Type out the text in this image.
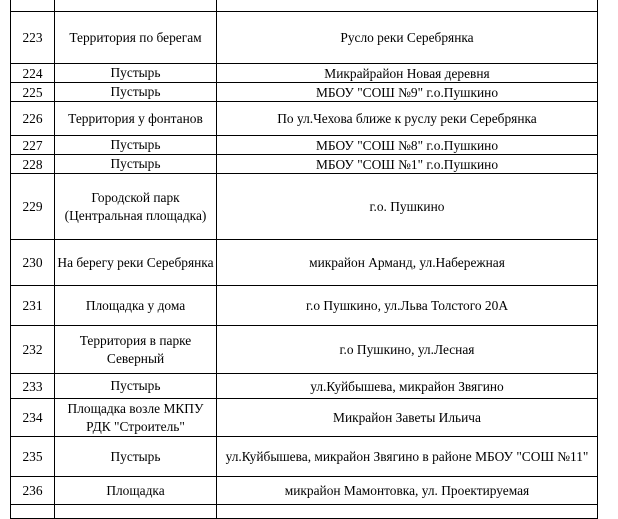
223	Территория по берегам	Русло реки Серебрянка
224	Пустырь	Микрайрайон Новая деревня
225	Пустырь	МБОУ "СОШ №9" г.о.Пушкино
226	Территория у фонтанов	По ул.Чехова ближе к руслу реки Серебрянка
227	Пустырь	МБОУ "СОШ №8" г.о.Пушкино
228	Пустырь	МБОУ "СОШ №1" г.о.Пушкино
229	Городской парк (Центральная площадка)	г.о. Пушкино
230	На берегу реки Серебрянка	микрайон Арманд, ул.Набережная
231	Площадка у дома	г.о Пушкино, ул.Льва Толстого 20А
232	Территория в парке Северный	г.о Пушкино, ул.Лесная
233	Пустырь	ул.Куйбышева, микрайон Звягино
234	Площадка возле МКПУ РДК "Строитель"	Микрайон Заветы Ильича
235	Пустырь	ул.Куйбышева, микрайон Звягино в районе МБОУ "СОШ №11"
236	Площадка	микрайон Мамонтовка, ул. Проектируемая
